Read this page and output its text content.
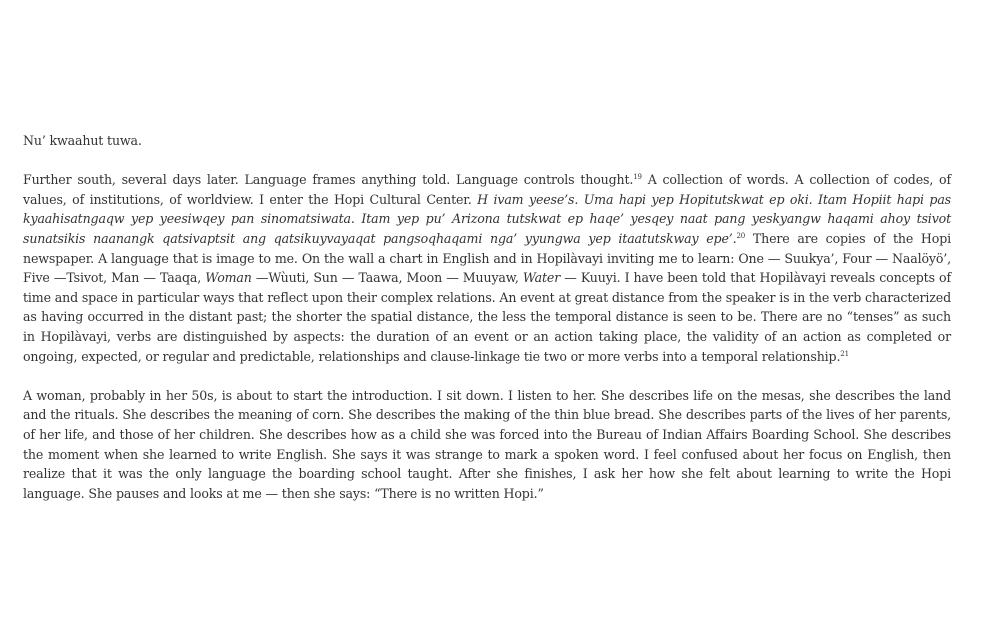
Nu’ kwaahut tuwa.

Further south, several days later. Language frames anything told. Language controls thought.$^{19}$ A collection of words. A collection of codes, of values, of institutions, of worldview. I enter the Hopi Cultural Center. H ivam yeese’s. Uma hapi yep Hopitutskwat ep oki. Itam Hopiit hapi pas kyaahisatngaqw yep yeesiwqey pan sinomatsiwata. Itam yep pu’ Arizona tutskwat ep haqe’ yesqey naat pang yeskyangw haqami ahoy tsivot sunatsikis naanangk qatsivaptsit ang qatsikuyvayaqat pangsoqhaqami nga’ yyungwa yep itaatutskway epe’.$^{20}$ There are copies of the Hopi newspaper. A language that is image to me. On the wall a chart in English and in Hopilàvayi inviting me to learn: One — Suukya’, Four — Naalöyö’, Five —Tsivot, Man — Taaqa, Woman —Wùuti, Sun — Taawa, Moon — Muuyaw, Water — Kuuyi. I have been told that Hopilàvayi reveals concepts of time and space in particular ways that reflect upon their complex relations. An event at great distance from the speaker is in the verb characterized as having occurred in the distant past; the shorter the spatial distance, the less the temporal distance is seen to be. There are no “tenses” as such in Hopilàvayi, verbs are distinguished by aspects: the duration of an event or an action taking place, the validity of an action as completed or ongoing, expected, or regular and predictable, relationships and clause-linkage tie two or more verbs into a temporal relationship.$^{21}$

A woman, probably in her 50s, is about to start the introduction. I sit down. I listen to her. She describes life on the mesas, she describes the land and the rituals. She describes the meaning of corn. She describes the making of the thin blue bread. She describes parts of the lives of her parents, of her life, and those of her children. She describes how as a child she was forced into the Bureau of Indian Affairs Boarding School. She describes the moment when she learned to write English. She says it was strange to mark a spoken word. I feel confused about her focus on English, then realize that it was the only language the boarding school taught. After she finishes, I ask her how she felt about learning to write the Hopi language. She pauses and looks at me — then she says: “There is no written Hopi.”
